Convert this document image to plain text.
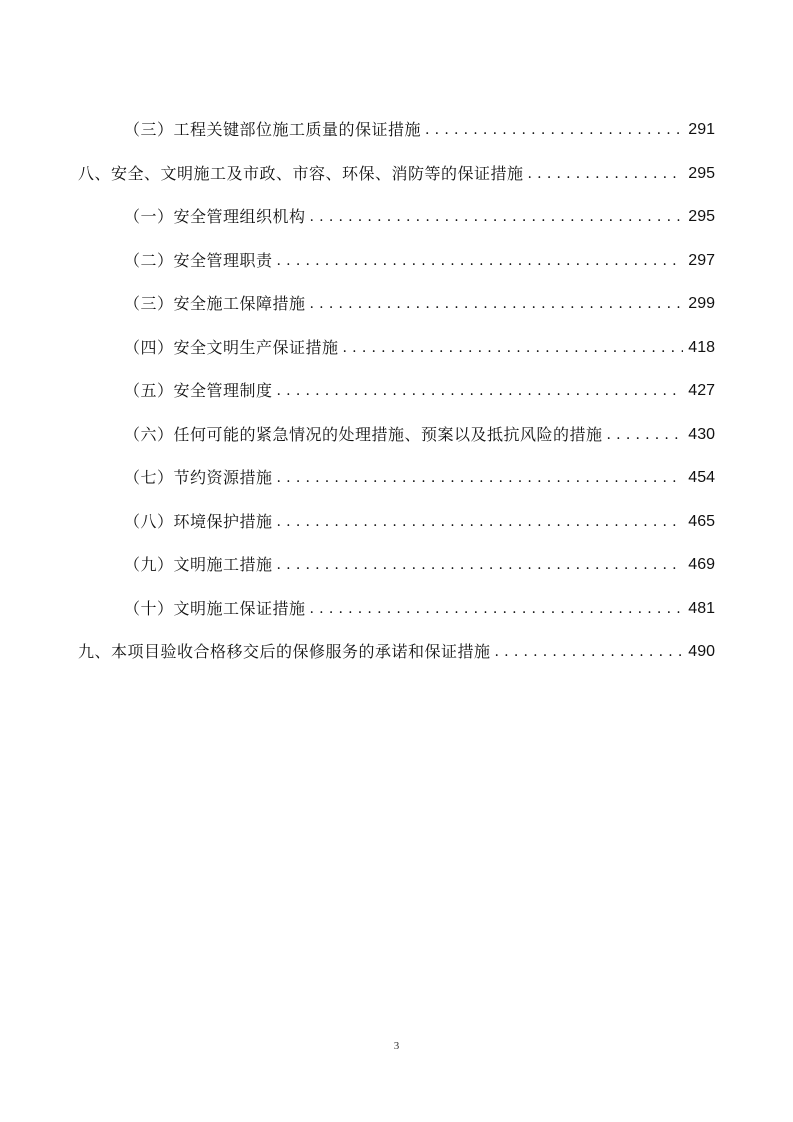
（三）工程关键部位施工质量的保证措施 .....	291
八、安全、文明施工及市政、市容、环保、消防等的保证措施 .....	295
（一）安全管理组织机构 .....	295
（二）安全管理职责 .....	297
（三）安全施工保障措施 .....	299
（四）安全文明生产保证措施 .....	418
（五）安全管理制度 .....	427
（六）任何可能的紧急情况的处理措施、预案以及抵抗风险的措施 .....	430
（七）节约资源措施 .....	454
（八）环境保护措施 .....	465
（九）文明施工措施 .....	469
（十）文明施工保证措施 .....	481
九、本项目验收合格移交后的保修服务的承诺和保证措施 .....	490
3
